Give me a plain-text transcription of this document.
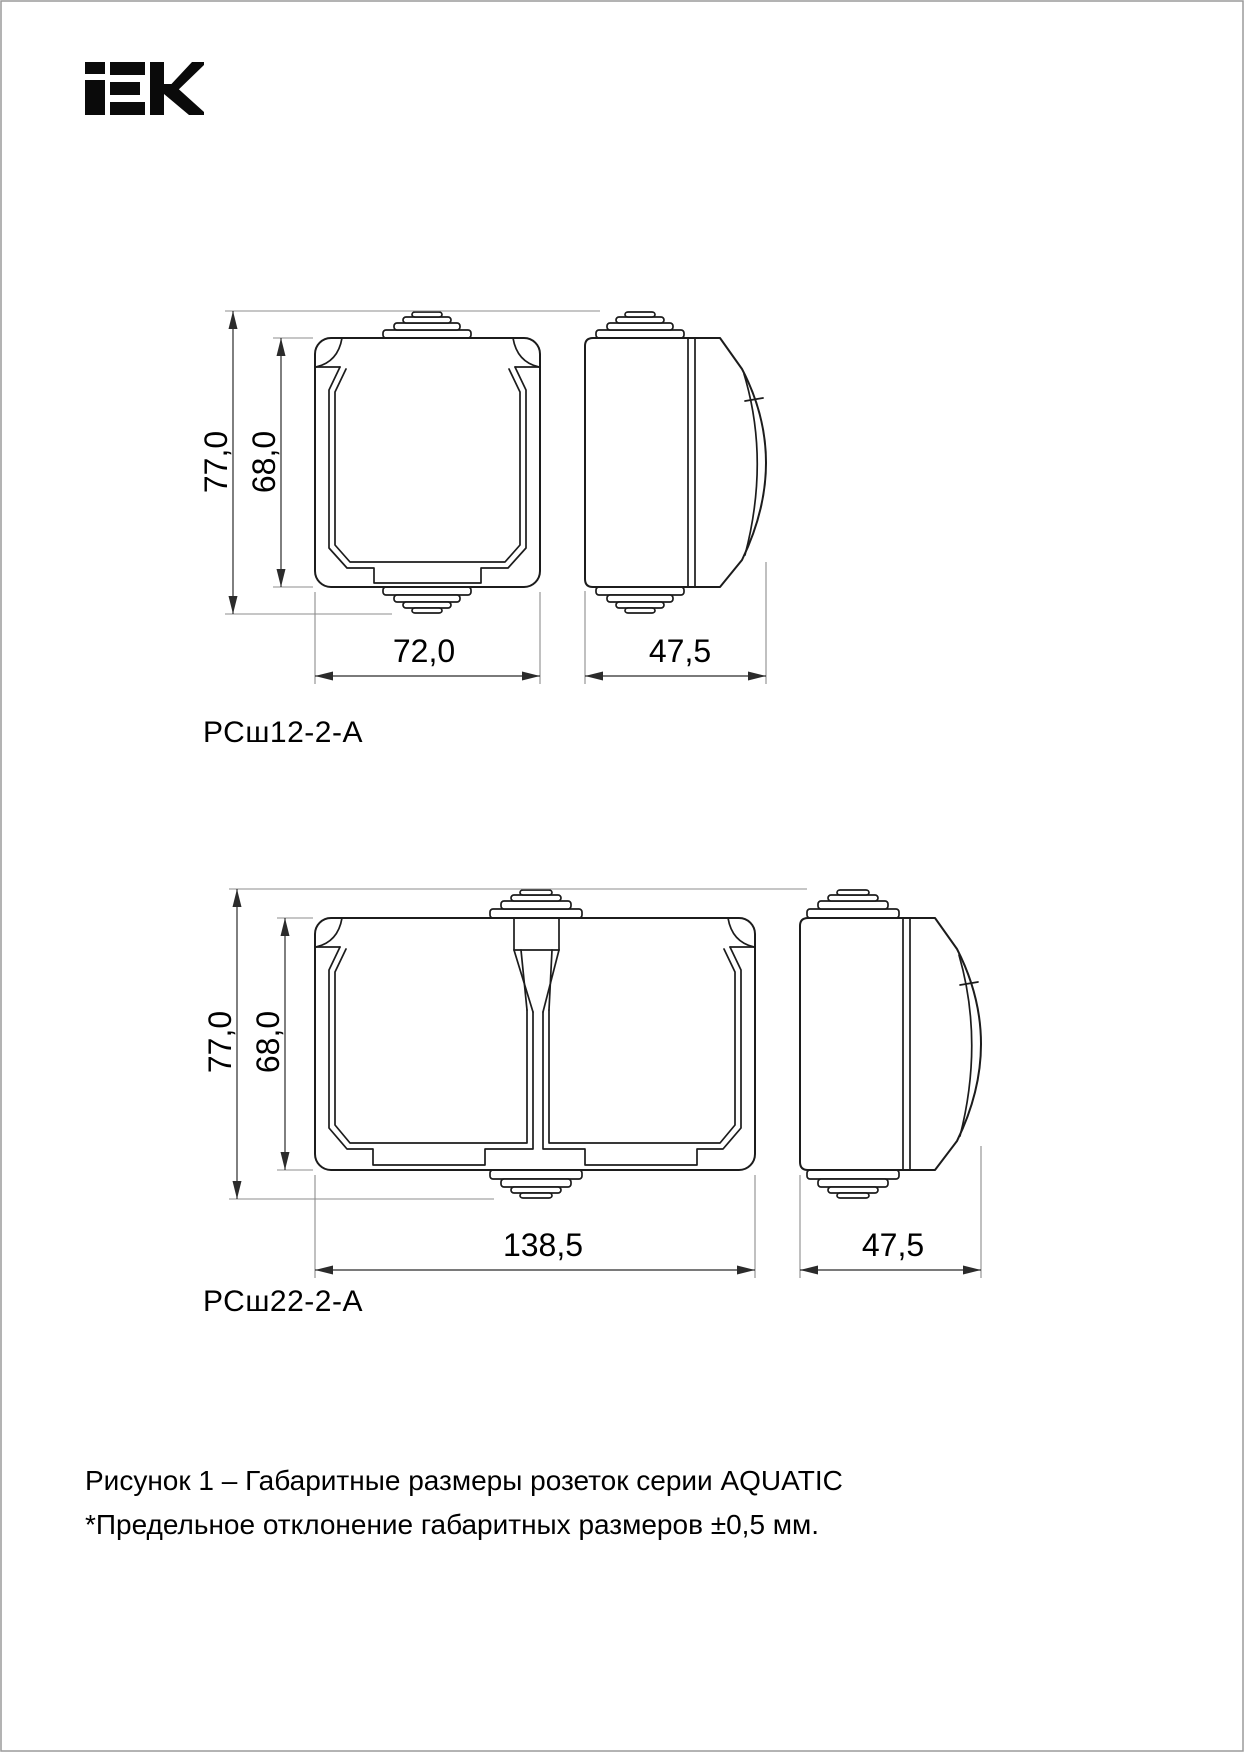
77,0 68,0
72,0	47,5
77,0 68,0
138,5	47,5
РСш12-2-А
РСш22-2-А
Рисунок 1 – Габаритные размеры розеток серии AQUATIC
*Предельное отклонение габаритных размеров ±0,5 мм.
